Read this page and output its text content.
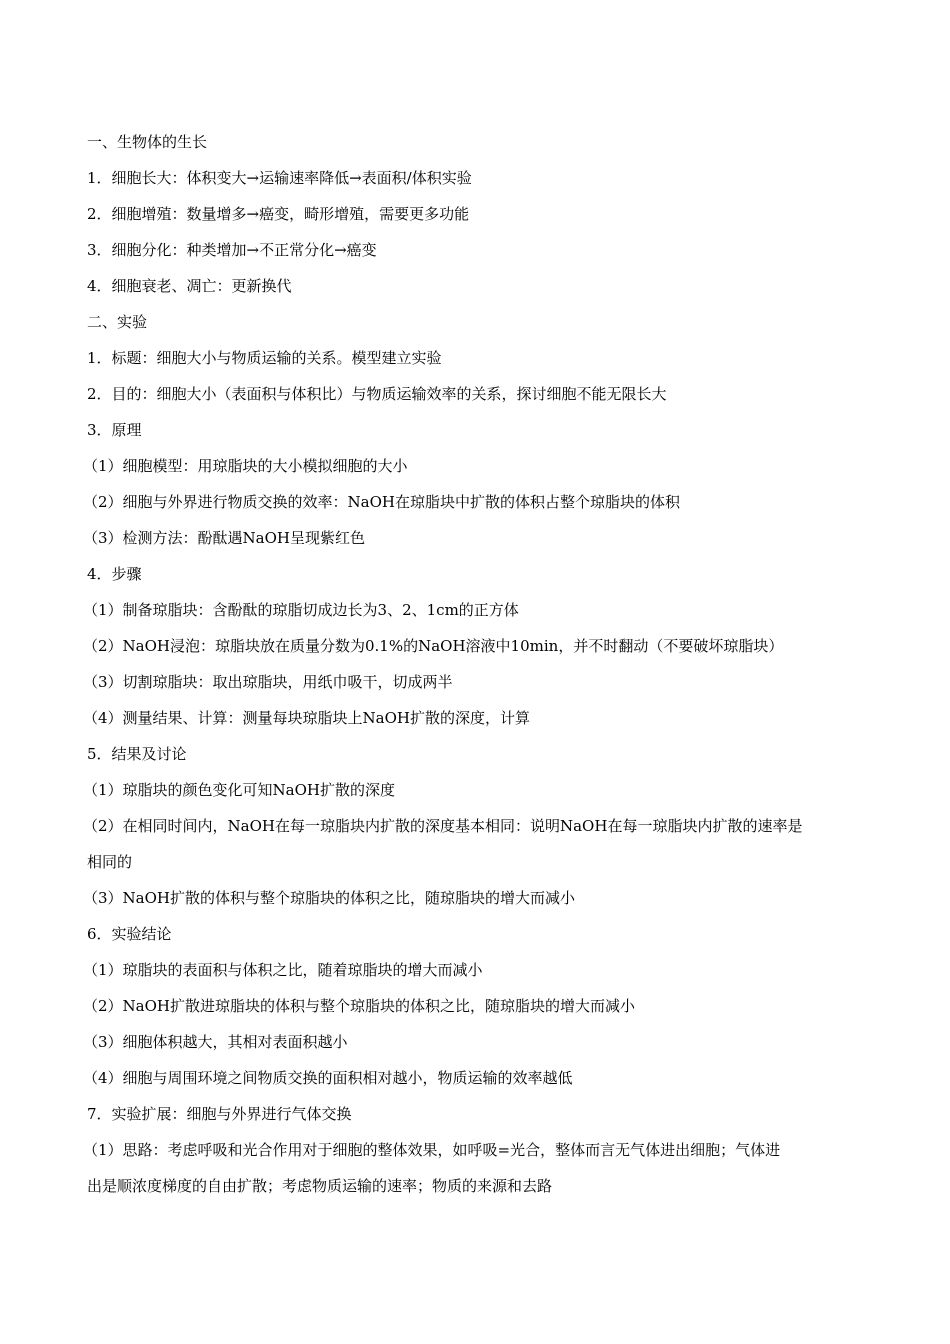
一、生物体的生长
1．细胞长大：体积变大→运输速率降低→表面积/体积实验
2．细胞增殖：数量增多→癌变，畸形增殖，需要更多功能
3．细胞分化：种类增加→不正常分化→癌变
4．细胞衰老、凋亡：更新换代
二、实验
1．标题：细胞大小与物质运输的关系。模型建立实验
2．目的：细胞大小（表面积与体积比）与物质运输效率的关系，探讨细胞不能无限长大
3．原理
（1）细胞模型：用琼脂块的大小模拟细胞的大小
（2）细胞与外界进行物质交换的效率：NaOH在琼脂块中扩散的体积占整个琼脂块的体积
（3）检测方法：酚酞遇NaOH呈现紫红色
4．步骤
（1）制备琼脂块：含酚酞的琼脂切成边长为3、2、1cm的正方体
（2）NaOH浸泡：琼脂块放在质量分数为0.1%的NaOH溶液中10min，并不时翻动（不要破坏琼脂块）
（3）切割琼脂块：取出琼脂块，用纸巾吸干，切成两半
（4）测量结果、计算：测量每块琼脂块上NaOH扩散的深度，计算
5．结果及讨论
（1）琼脂块的颜色变化可知NaOH扩散的深度
（2）在相同时间内，NaOH在每一琼脂块内扩散的深度基本相同：说明NaOH在每一琼脂块内扩散的速率是
相同的
（3）NaOH扩散的体积与整个琼脂块的体积之比，随琼脂块的增大而减小
6．实验结论
（1）琼脂块的表面积与体积之比，随着琼脂块的增大而减小
（2）NaOH扩散进琼脂块的体积与整个琼脂块的体积之比，随琼脂块的增大而减小
（3）细胞体积越大，其相对表面积越小
（4）细胞与周围环境之间物质交换的面积相对越小，物质运输的效率越低
7．实验扩展：细胞与外界进行气体交换
（1）思路：考虑呼吸和光合作用对于细胞的整体效果，如呼吸=光合，整体而言无气体进出细胞；气体进
出是顺浓度梯度的自由扩散；考虑物质运输的速率；物质的来源和去路
